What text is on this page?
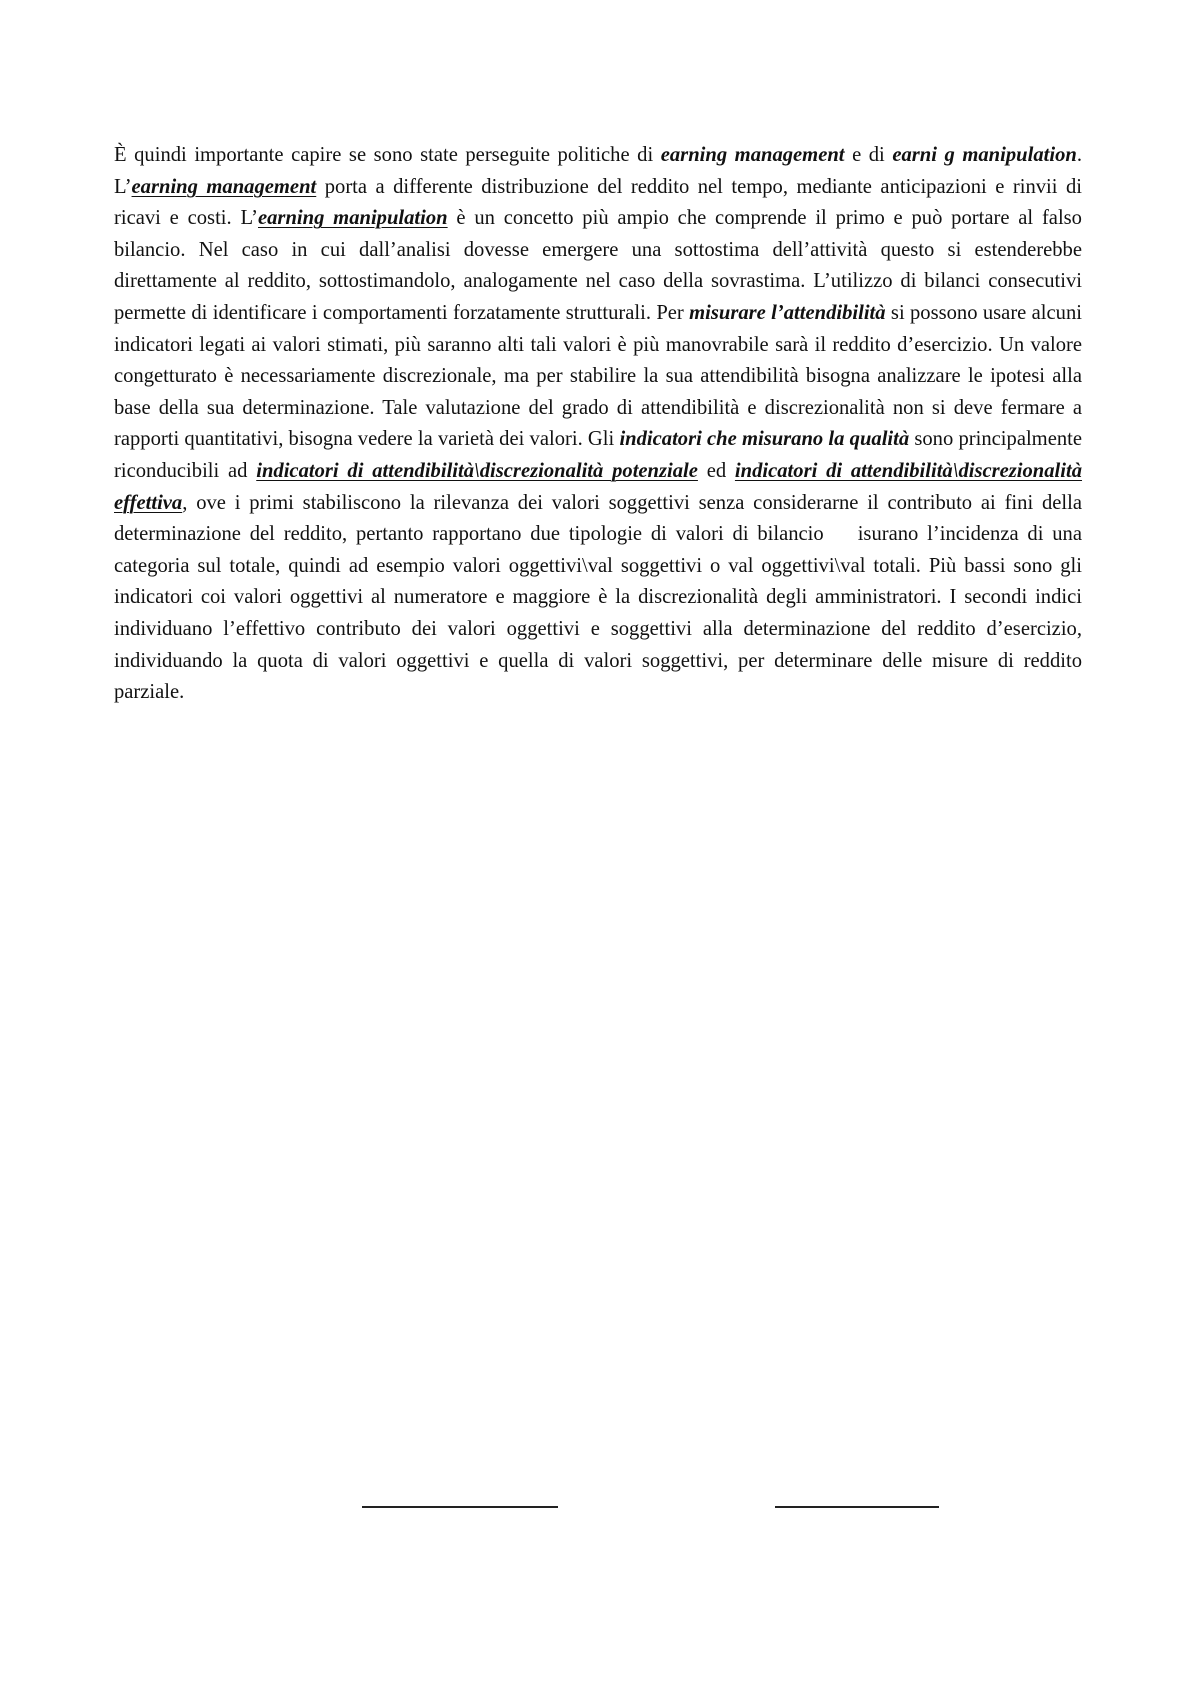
È quindi importante capire se sono state perseguite politiche di earning management e di earni g manipulation. L’earning management porta a differente distribuzione del reddito nel tempo, mediante anticipazioni e rinvii di ricavi e costi. L’earning manipulation è un concetto più ampio che comprende il primo e può portare al falso bilancio. Nel caso in cui dall’analisi dovesse emergere una sottostima dell’attività questo si estenderebbe direttamente al reddito, sottostimandolo, analogamente nel caso della sovrastima. L’utilizzo di bilanci consecutivi permette di identificare i comportamenti forzatamente strutturali. Per misurare l’attendibilità si possono usare alcuni indicatori legati ai valori stimati, più saranno alti tali valori è più manovrabile sarà il reddito d’esercizio. Un valore congetturato è necessariamente discrezionale, ma per stabilire la sua attendibilità bisogna analizzare le ipotesi alla base della sua determinazione. Tale valutazione del grado di attendibilità e discrezionalità non si deve fermare a rapporti quantitativi, bisogna vedere la varietà dei valori. Gli indicatori che misurano la qualità sono principalmente riconducibili ad indicatori di attendibilità\discrezionalità potenziale ed indicatori di attendibilità\discrezionalità effettiva, ove i primi stabiliscono la rilevanza dei valori soggettivi senza considerarne il contributo ai fini della determinazione del reddito, pertanto rapportano due tipologie di valori di bilancio isurano l’incidenza di una categoria sul totale, quindi ad esempio valori oggettivi\val soggettivi o val oggettivi\val totali. Più bassi sono gli indicatori coi valori oggettivi al numeratore e maggiore è la discrezionalità degli amministratori. I secondi indici individuano l’effettivo contributo dei valori oggettivi e soggettivi alla determinazione del reddito d’esercizio, individuando la quota di valori oggettivi e quella di valori soggettivi, per determinare delle misure di reddito parziale.
